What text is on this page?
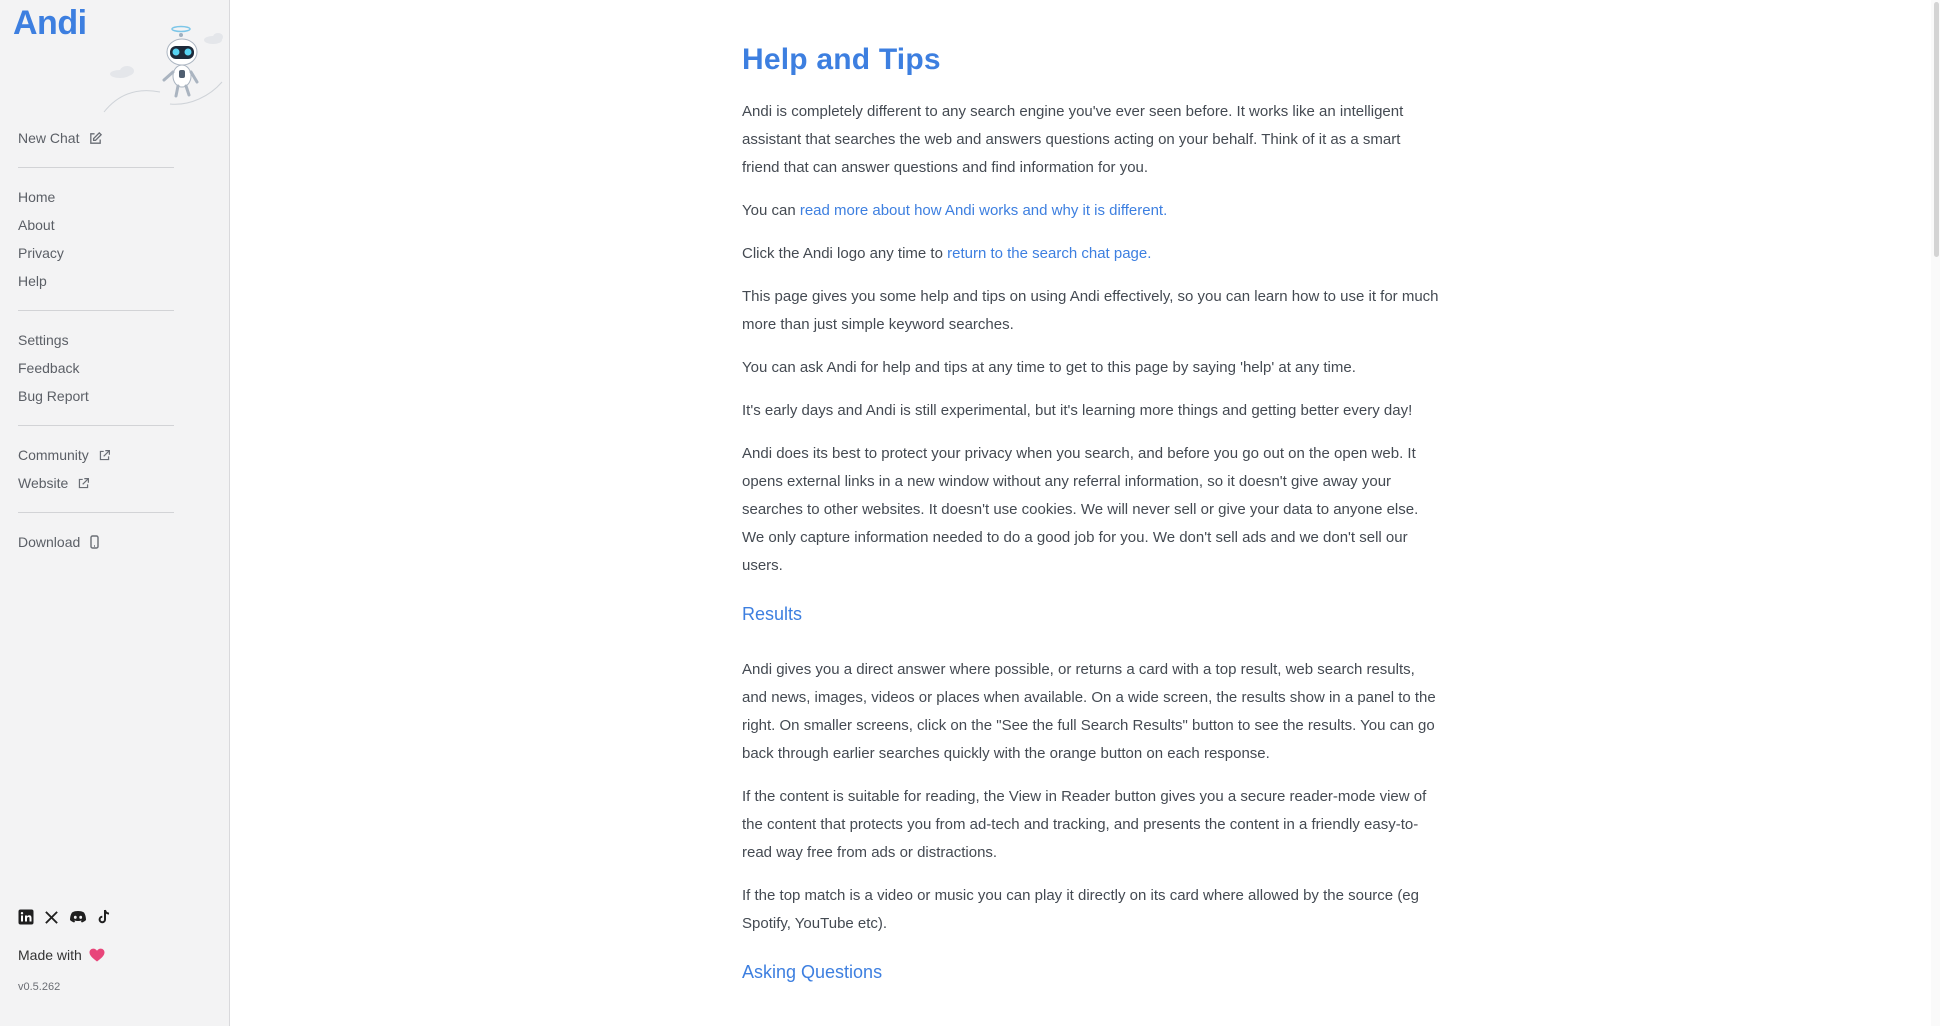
Andi
New Chat
Home
About
Privacy
Help
Settings
Feedback
Bug Report
Community
Website
Download
Made with
v0.5.262
Help and Tips

Andi is completely different to any search engine you've ever seen before. It works like an intelligent assistant that searches the web and answers questions acting on your behalf. Think of it as a smart friend that can answer questions and find information for you.

You can read more about how Andi works and why it is different.

Click the Andi logo any time to return to the search chat page.

This page gives you some help and tips on using Andi effectively, so you can learn how to use it for much more than just simple keyword searches.

You can ask Andi for help and tips at any time to get to this page by saying 'help' at any time.

It's early days and Andi is still experimental, but it's learning more things and getting better every day!

Andi does its best to protect your privacy when you search, and before you go out on the open web. It opens external links in a new window without any referral information, so it doesn't give away your searches to other websites. It doesn't use cookies. We will never sell or give your data to anyone else. We only capture information needed to do a good job for you. We don't sell ads and we don't sell our users.

Results

Andi gives you a direct answer where possible, or returns a card with a top result, web search results, and news, images, videos or places when available. On a wide screen, the results show in a panel to the right. On smaller screens, click on the "See the full Search Results" button to see the results. You can go back through earlier searches quickly with the orange button on each response.

If the content is suitable for reading, the View in Reader button gives you a secure reader-mode view of the content that protects you from ad-tech and tracking, and presents the content in a friendly easy-to-read way free from ads or distractions.

If the top match is a video or music you can play it directly on its card where allowed by the source (eg Spotify, YouTube etc).

Asking Questions
